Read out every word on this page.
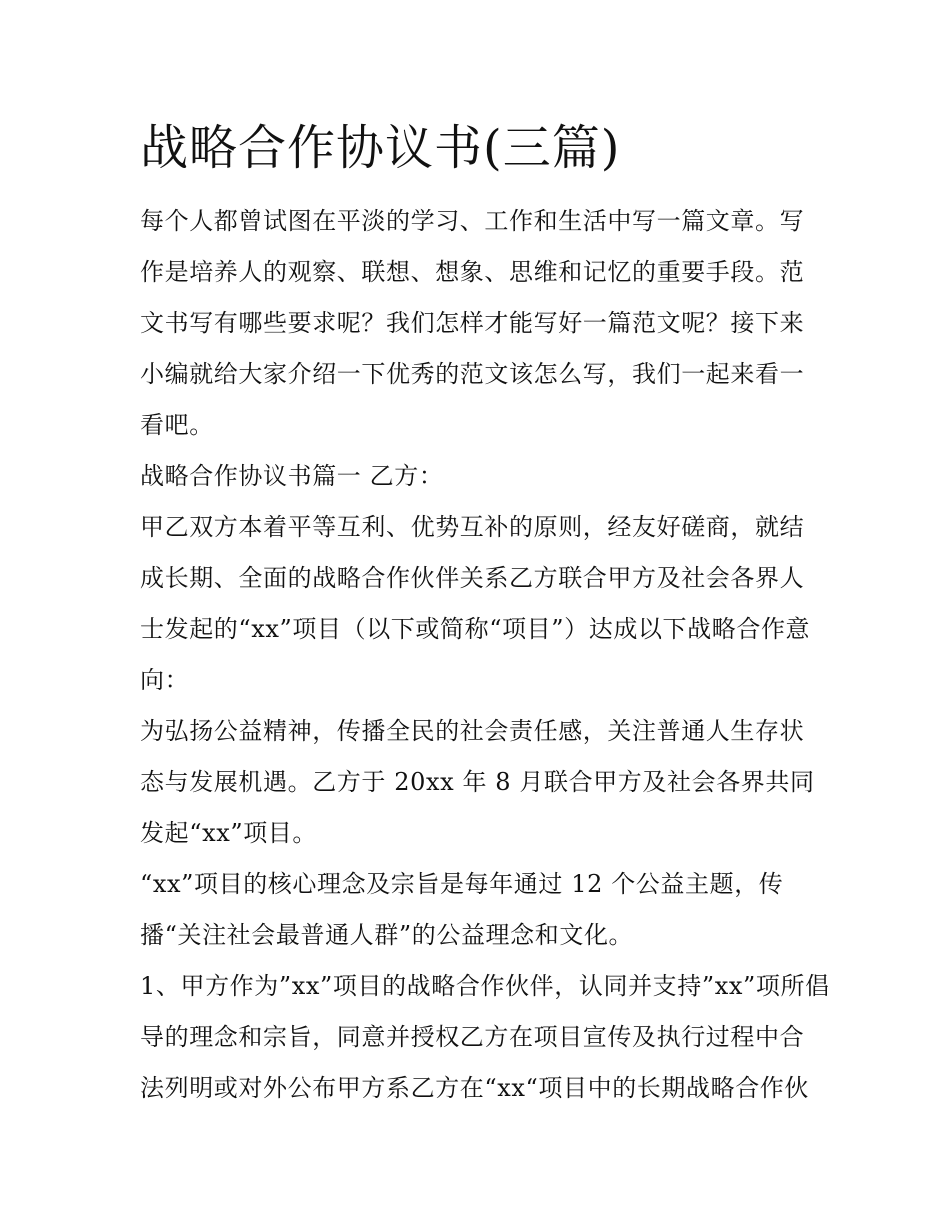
战略合作协议书(三篇)
每个人都曾试图在平淡的学习、工作和生活中写一篇文章。写
作是培养人的观察、联想、想象、思维和记忆的重要手段。范
文书写有哪些要求呢？我们怎样才能写好一篇范文呢？接下来
小编就给大家介绍一下优秀的范文该怎么写，我们一起来看一
看吧。
战略合作协议书篇一 乙方：
甲乙双方本着平等互利、优势互补的原则，经友好磋商，就结
成长期、全面的战略合作伙伴关系乙方联合甲方及社会各界人
士发起的“xx”项目（以下或简称“项目”）达成以下战略合作意
向：
为弘扬公益精神，传播全民的社会责任感，关注普通人生存状
态与发展机遇。乙方于 20xx 年 8 月联合甲方及社会各界共同
发起“xx”项目。
“xx”项目的核心理念及宗旨是每年通过 12 个公益主题，传
播“关注社会最普通人群”的公益理念和文化。
1、甲方作为”xx”项目的战略合作伙伴，认同并支持”xx”项所倡
导的理念和宗旨，同意并授权乙方在项目宣传及执行过程中合
法列明或对外公布甲方系乙方在“xx“项目中的长期战略合作伙
